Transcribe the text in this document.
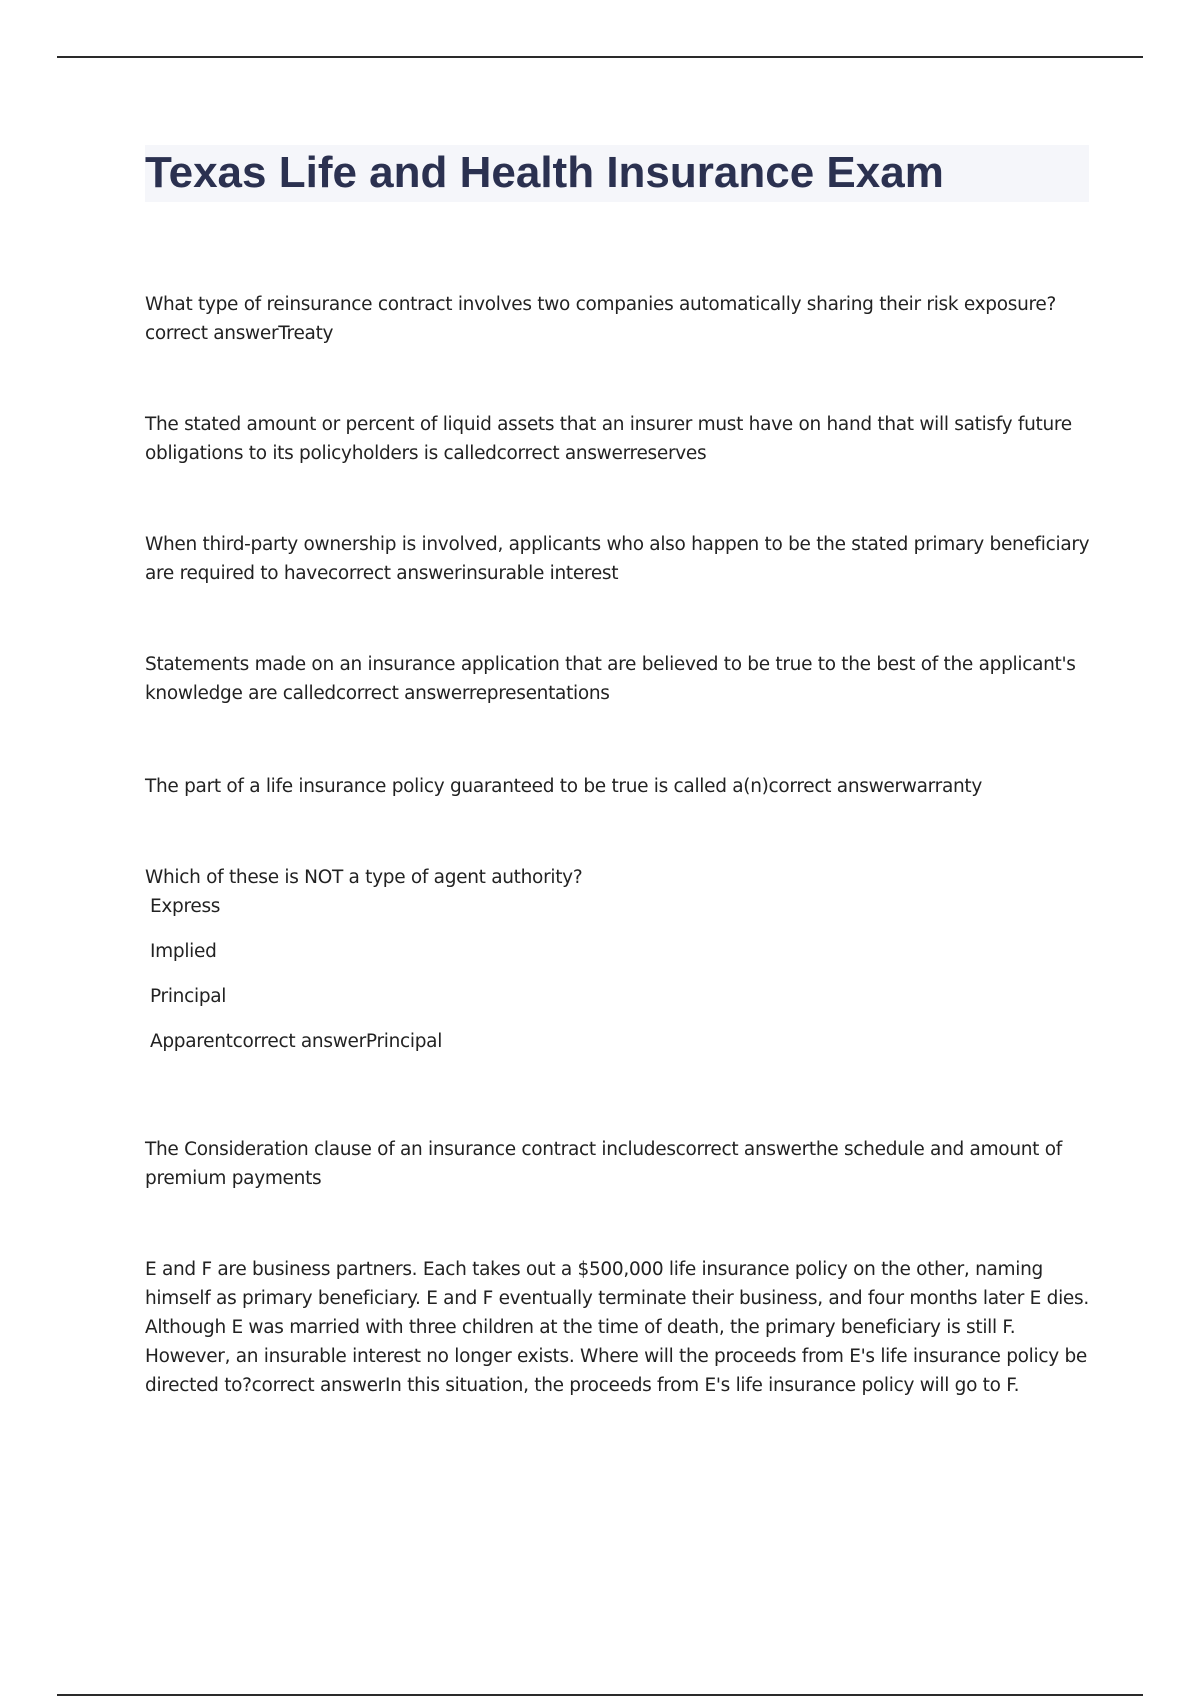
Texas Life and Health Insurance Exam

What type of reinsurance contract involves two companies automatically sharing their risk exposure?correct answerTreaty

The stated amount or percent of liquid assets that an insurer must have on hand that will satisfy future obligations to its policyholders is calledcorrect answerreserves

When third-party ownership is involved, applicants who also happen to be the stated primary beneficiary are required to havecorrect answerinsurable interest

Statements made on an insurance application that are believed to be true to the best of the applicant's knowledge are calledcorrect answerrepresentations

The part of a life insurance policy guaranteed to be true is called a(n)correct answerwarranty

Which of these is NOT a type of agent authority?

Express

Implied

Principal

Apparentcorrect answerPrincipal

The Consideration clause of an insurance contract includescorrect answerthe schedule and amount of premium payments

E and F are business partners. Each takes out a $500,000 life insurance policy on the other, naming himself as primary beneficiary. E and F eventually terminate their business, and four months later E dies. Although E was married with three children at the time of death, the primary beneficiary is still F. However, an insurable interest no longer exists. Where will the proceeds from E's life insurance policy be directed to?correct answerIn this situation, the proceeds from E's life insurance policy will go to F.
